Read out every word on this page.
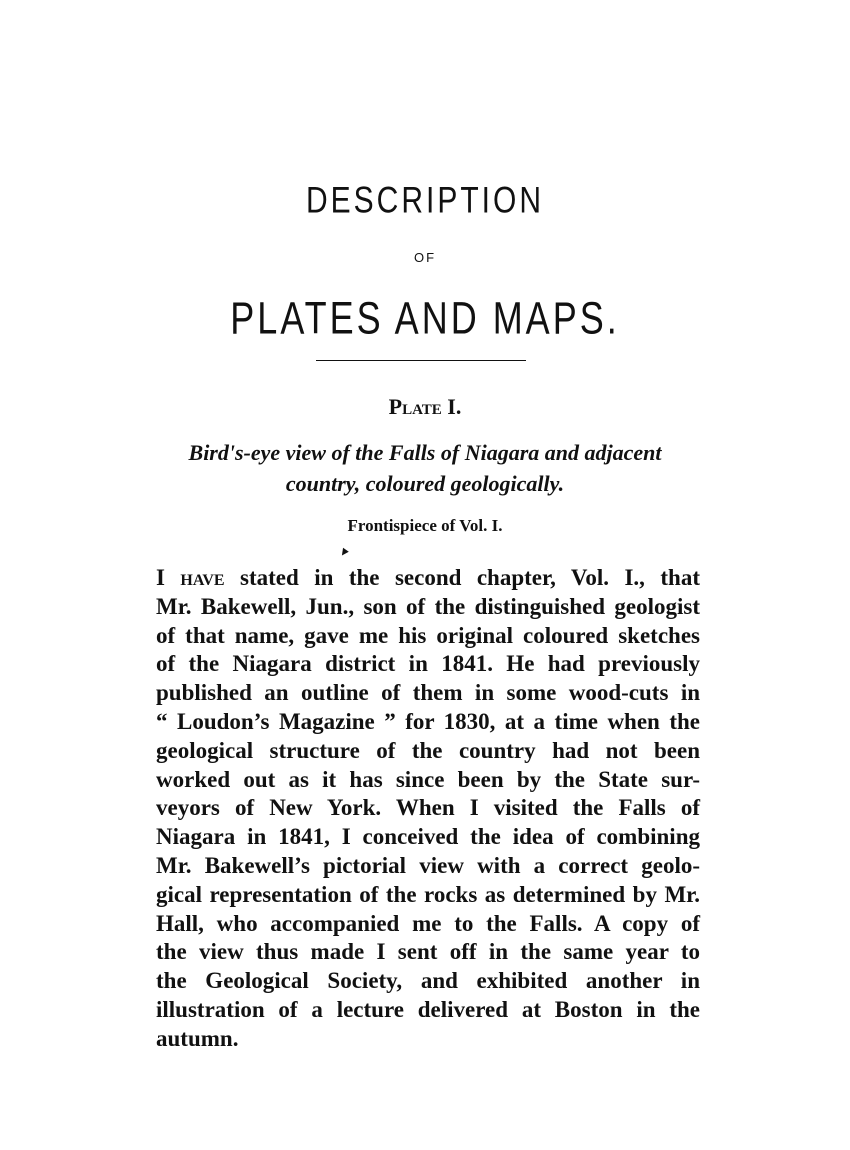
DESCRIPTION
OF
PLATES AND MAPS.
Plate I.
Bird's-eye view of the Falls of Niagara and adjacent
country, coloured geologically.
Frontispiece of Vol. I.
▼
I have stated in the second chapter, Vol. I., that
Mr. Bakewell, Jun., son of the distinguished geologist
of that name, gave me his original coloured sketches
of the Niagara district in 1841. He had previously
published an outline of them in some wood-cuts in
“ Loudon’s Magazine ” for 1830, at a time when the
geological structure of the country had not been
worked out as it has since been by the State sur-
veyors of New York. When I visited the Falls of
Niagara in 1841, I conceived the idea of combining
Mr. Bakewell’s pictorial view with a correct geolo-
gical representation of the rocks as determined by Mr.
Hall, who accompanied me to the Falls. A copy of
the view thus made I sent off in the same year to
the Geological Society, and exhibited another in
illustration of a lecture delivered at Boston in the
autumn.
